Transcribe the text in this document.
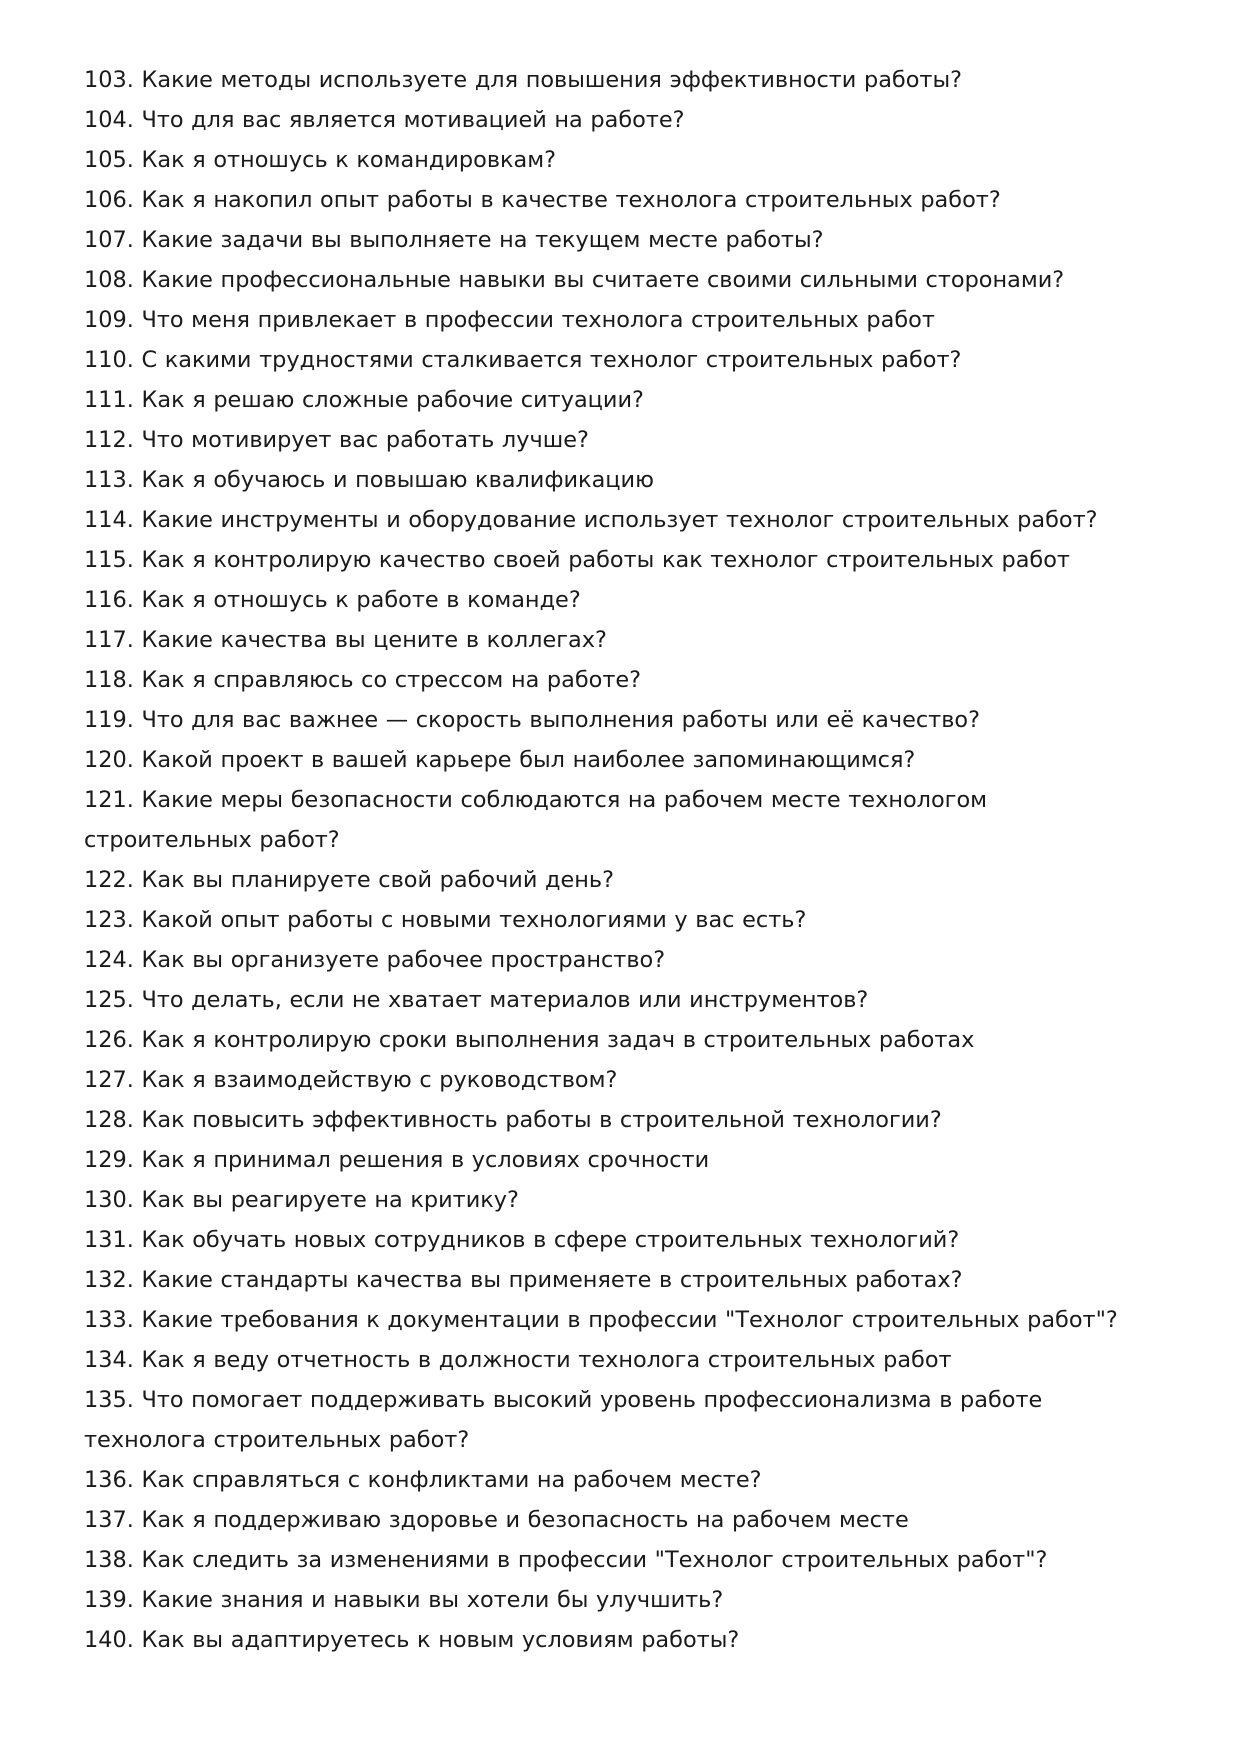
103. Какие методы используете для повышения эффективности работы?
104. Что для вас является мотивацией на работе?
105. Как я отношусь к командировкам?
106. Как я накопил опыт работы в качестве технолога строительных работ?
107. Какие задачи вы выполняете на текущем месте работы?
108. Какие профессиональные навыки вы считаете своими сильными сторонами?
109. Что меня привлекает в профессии технолога строительных работ
110. С какими трудностями сталкивается технолог строительных работ?
111. Как я решаю сложные рабочие ситуации?
112. Что мотивирует вас работать лучше?
113. Как я обучаюсь и повышаю квалификацию
114. Какие инструменты и оборудование использует технолог строительных работ?
115. Как я контролирую качество своей работы как технолог строительных работ
116. Как я отношусь к работе в команде?
117. Какие качества вы цените в коллегах?
118. Как я справляюсь со стрессом на работе?
119. Что для вас важнее — скорость выполнения работы или её качество?
120. Какой проект в вашей карьере был наиболее запоминающимся?
121. Какие меры безопасности соблюдаются на рабочем месте технологом строительных работ?
122. Как вы планируете свой рабочий день?
123. Какой опыт работы с новыми технологиями у вас есть?
124. Как вы организуете рабочее пространство?
125. Что делать, если не хватает материалов или инструментов?
126. Как я контролирую сроки выполнения задач в строительных работах
127. Как я взаимодействую с руководством?
128. Как повысить эффективность работы в строительной технологии?
129. Как я принимал решения в условиях срочности
130. Как вы реагируете на критику?
131. Как обучать новых сотрудников в сфере строительных технологий?
132. Какие стандарты качества вы применяете в строительных работах?
133. Какие требования к документации в профессии "Технолог строительных работ"?
134. Как я веду отчетность в должности технолога строительных работ
135. Что помогает поддерживать высокий уровень профессионализма в работе технолога строительных работ?
136. Как справляться с конфликтами на рабочем месте?
137. Как я поддерживаю здоровье и безопасность на рабочем месте
138. Как следить за изменениями в профессии "Технолог строительных работ"?
139. Какие знания и навыки вы хотели бы улучшить?
140. Как вы адаптируетесь к новым условиям работы?
